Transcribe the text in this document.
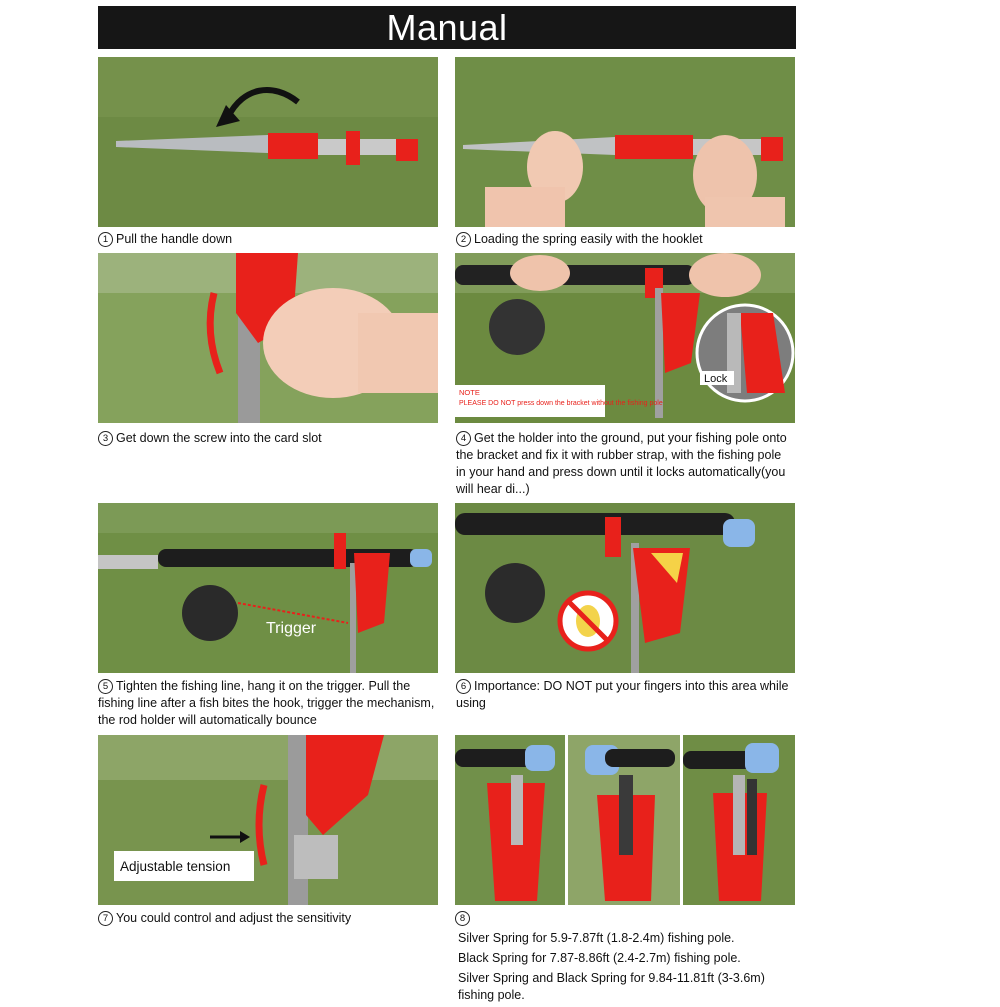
Manual
1 Pull the handle down	2 Loading the spring easily with the hooklet
3 Get down the screw into the card slot
Lock
NOTE
PLEASE DO NOT press down the bracket without the fishing pole
4 Get the holder into the ground, put your fishing pole onto the bracket and fix it with rubber strap, with the fishing pole in your hand and press down until it locks automatically(you will hear di...)
Trigger
5 Tighten the fishing line, hang it on the trigger. Pull the fishing line after a fish bites the hook, trigger the mechanism, the rod holder will automatically bounce
6 Importance: DO NOT put your fingers into this area while using
Adjustable tension
7 You could control and adjust the sensitivity	8

Silver Spring for 5.9-7.87ft (1.8-2.4m) fishing pole.
Black Spring for 7.87-8.86ft (2.4-2.7m) fishing pole.
Silver Spring and Black Spring for 9.84-11.81ft (3-3.6m) fishing pole.
